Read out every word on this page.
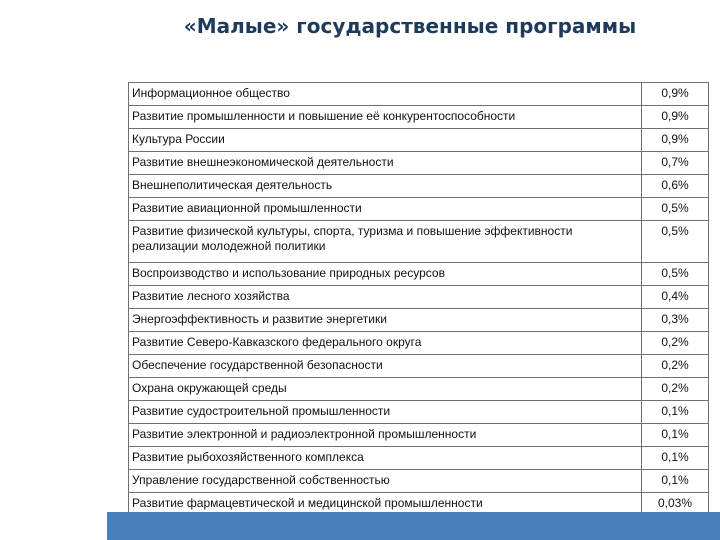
«Малые» государственные программы
Информационное общество	0,9%
Развитие промышленности и повышение её конкурентоспособности	0,9%
Культура России	0,9%
Развитие внешнеэкономической деятельности	0,7%
Внешнеполитическая деятельность	0,6%
Развитие авиационной промышленности	0,5%
Развитие физической культуры, спорта, туризма и повышение эффективности реализации молодежной политики	0,5%
Воспроизводство и использование природных ресурсов	0,5%
Развитие лесного хозяйства	0,4%
Энергоэффективность и развитие энергетики	0,3%
Развитие Северо-Кавказского федерального округа	0,2%
Обеспечение государственной безопасности	0,2%
Охрана окружающей среды	0,2%
Развитие судостроительной промышленности	0,1%
Развитие электронной и радиоэлектронной промышленности	0,1%
Развитие рыбохозяйственного комплекса	0,1%
Управление государственной собственностью	0,1%
Развитие фармацевтической и медицинской промышленности	0,03%
